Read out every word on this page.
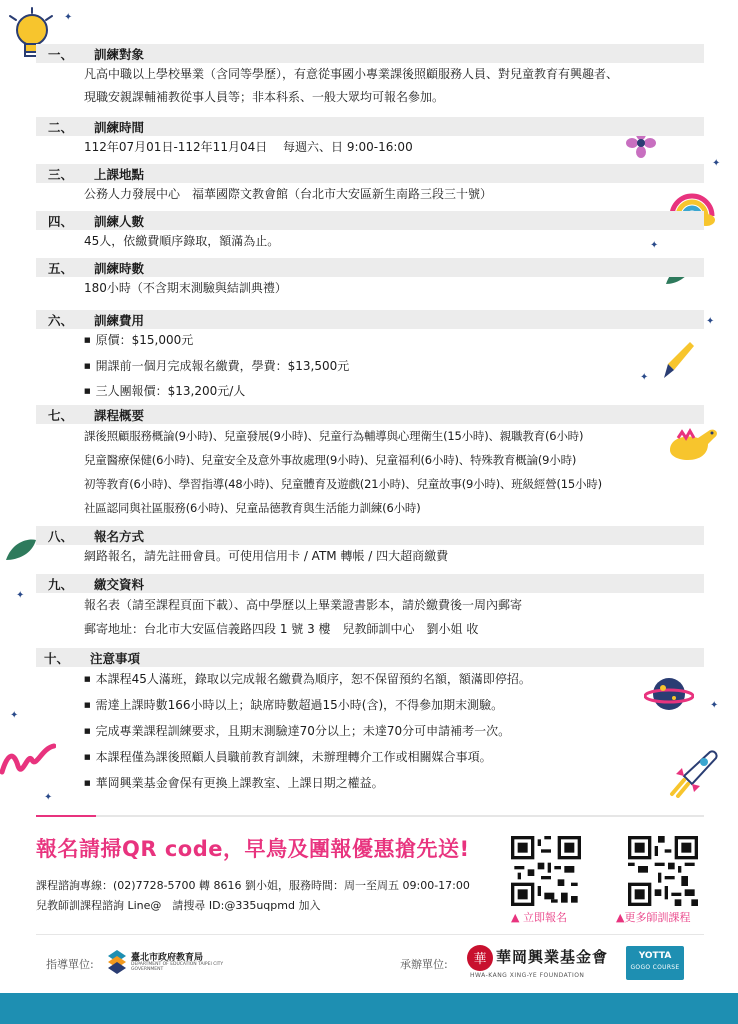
✦
✦
✦
✦
✦
✦
✦
✦
✦
一、	訓練對象
凡高中職以上學校畢業（含同等學歷），有意從事國小專業課後照顧服務人員、對兒童教育有興趣者、
現職安親課輔補教從事人員等；非本科系、一般大眾均可報名參加。
二、	訓練時間
112年07月01日-112年11月04日　 每週六、日 9:00-16:00
三、	上課地點
公務人力發展中心　福華國際文教會館（台北市大安區新生南路三段三十號）
四、	訓練人數
45人，依繳費順序錄取，額滿為止。
五、	訓練時數
180小時（不含期末測驗與結訓典禮）
六、	訓練費用
■ 原價：$15,000元
■ 開課前一個月完成報名繳費，學費：$13,500元
■ 三人團報價：$13,200元/人
七、	課程概要
課後照顧服務概論(9小時)、兒童發展(9小時)、兒童行為輔導與心理衛生(15小時)、親職教育(6小時)
兒童醫療保健(6小時)、兒童安全及意外事故處理(9小時)、兒童福利(6小時)、特殊教育概論(9小時)
初等教育(6小時)、學習指導(48小時)、兒童體育及遊戲(21小時)、兒童故事(9小時)、班級經營(15小時)
社區認同與社區服務(6小時)、兒童品德教育與生活能力訓練(6小時)
八、	報名方式
網路報名，請先註冊會員。可使用信用卡 / ATM 轉帳 / 四大超商繳費
九、	繳交資料
報名表（請至課程頁面下載）、高中學歷以上畢業證書影本，請於繳費後一周內郵寄
郵寄地址：台北市大安區信義路四段 1 號 3 樓　兒教師訓中心　劉小姐 收
十、	注意事項
■ 本課程45人滿班，錄取以完成報名繳費為順序，恕不保留預約名額，額滿即停招。
■ 需達上課時數166小時以上；缺席時數超過15小時(含)，不得參加期末測驗。
■ 完成專業課程訓練要求，且期末測驗達70分以上；未達70分可申請補考一次。
■ 本課程僅為課後照顧人員職前教育訓練，未辦理轉介工作或相關媒合事項。
■ 華岡興業基金會保有更換上課教室、上課日期之權益。
報名請掃QR code，早鳥及團報優惠搶先送!
課程諮詢專線：(02)7728-5700 轉 8616 劉小姐，服務時間：周一至周五 09:00-17:00
兒教師訓課程諮詢 Line@　請搜尋 ID:@335uqpmd 加入
▲ 立即報名	▲更多師訓課程
指導單位:	臺北市政府教育局
DEPARTMENT OF EDUCATION TAIPEI CITY GOVERNMENT	承辦單位: 華 華岡興業基金會
HWA-KANG XING-YE FOUNDATION
YOTTA
GOGO COURSE
